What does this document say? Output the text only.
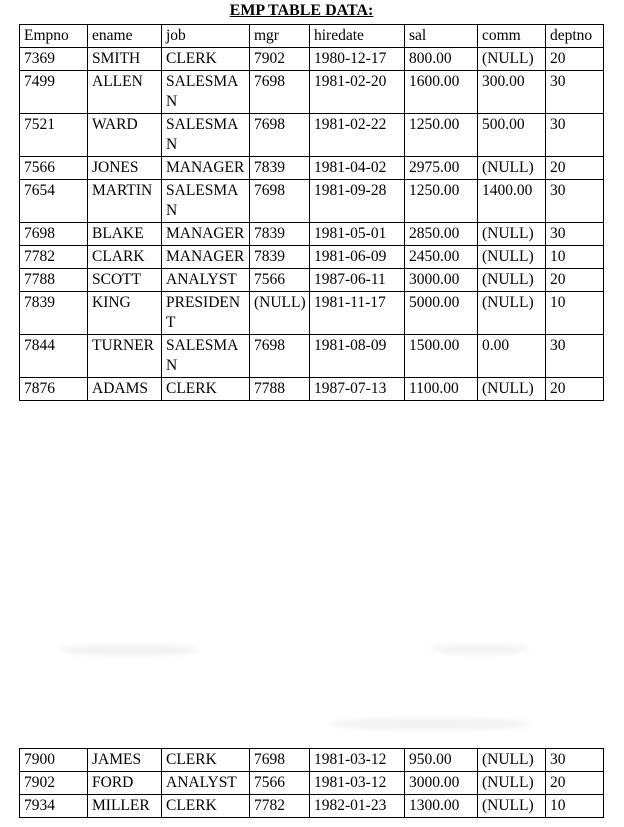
EMP TABLE DATA:
Empno	ename	job	mgr	hiredate	sal	comm	deptno
7369	SMITH	CLERK	7902	1980-12-17	800.00	(NULL)	20
7499	ALLEN	SALESMAN	7698	1981-02-20	1600.00	300.00	30
7521	WARD	SALESMAN	7698	1981-02-22	1250.00	500.00	30
7566	JONES	MANAGER	7839	1981-04-02	2975.00	(NULL)	20
7654	MARTIN	SALESMAN	7698	1981-09-28	1250.00	1400.00	30
7698	BLAKE	MANAGER	7839	1981-05-01	2850.00	(NULL)	30
7782	CLARK	MANAGER	7839	1981-06-09	2450.00	(NULL)	10
7788	SCOTT	ANALYST	7566	1987-06-11	3000.00	(NULL)	20
7839	KING	PRESIDENT	(NULL)	1981-11-17	5000.00	(NULL)	10
7844	TURNER	SALESMAN	7698	1981-08-09	1500.00	0.00	30
7876	ADAMS	CLERK	7788	1987-07-13	1100.00	(NULL)	20
7900	JAMES	CLERK	7698	1981-03-12	950.00	(NULL)	30
7902	FORD	ANALYST	7566	1981-03-12	3000.00	(NULL)	20
7934	MILLER	CLERK	7782	1982-01-23	1300.00	(NULL)	10
